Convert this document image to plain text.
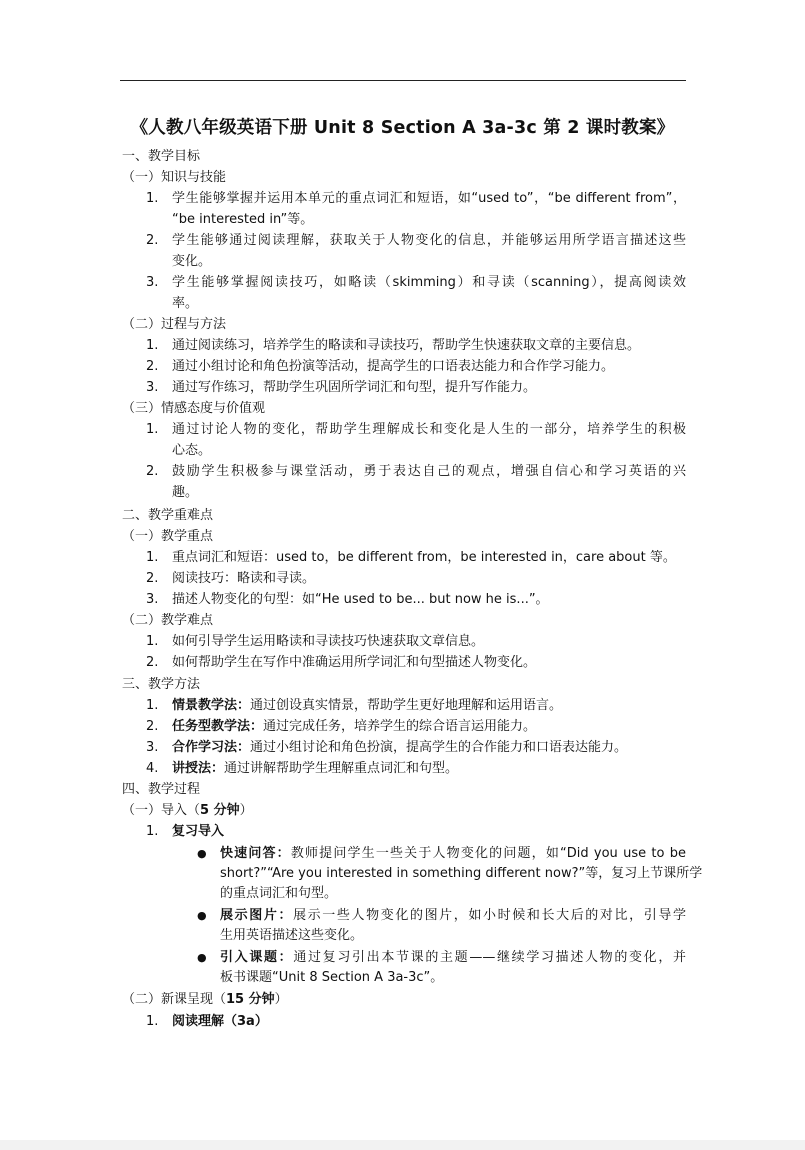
《人教八年级英语下册 Unit 8 Section A 3a-3c 第 2 课时教案》
一、教学目标
（一）知识与技能
1. 学生能够掌握并运用本单元的重点词汇和短语，如“used to”，“be different from”，
“be interested in”等。
2. 学生能够通过阅读理解，获取关于人物变化的信息，并能够运用所学语言描述这些
变化。
3. 学生能够掌握阅读技巧，如略读（skimming）和寻读（scanning），提高阅读效
率。
（二）过程与方法
1. 通过阅读练习，培养学生的略读和寻读技巧，帮助学生快速获取文章的主要信息。
2. 通过小组讨论和角色扮演等活动，提高学生的口语表达能力和合作学习能力。
3. 通过写作练习，帮助学生巩固所学词汇和句型，提升写作能力。
（三）情感态度与价值观
1. 通过讨论人物的变化，帮助学生理解成长和变化是人生的一部分，培养学生的积极
心态。
2. 鼓励学生积极参与课堂活动，勇于表达自己的观点，增强自信心和学习英语的兴
趣。
二、教学重难点
（一）教学重点
1. 重点词汇和短语：used to，be different from，be interested in，care about 等。
2. 阅读技巧：略读和寻读。
3. 描述人物变化的句型：如“He used to be... but now he is...”。
（二）教学难点
1. 如何引导学生运用略读和寻读技巧快速获取文章信息。
2. 如何帮助学生在写作中准确运用所学词汇和句型描述人物变化。
三、教学方法
1. 情景教学法：通过创设真实情景，帮助学生更好地理解和运用语言。
2. 任务型教学法：通过完成任务，培养学生的综合语言运用能力。
3. 合作学习法：通过小组讨论和角色扮演，提高学生的合作能力和口语表达能力。
4. 讲授法：通过讲解帮助学生理解重点词汇和句型。
四、教学过程
（一）导入（5 分钟）
1. 复习导入
● 快速问答：教师提问学生一些关于人物变化的问题，如“Did you use to be
short?”“Are you interested in something different now?”等，复习上节课所学
的重点词汇和句型。
● 展示图片：展示一些人物变化的图片，如小时候和长大后的对比，引导学
生用英语描述这些变化。
● 引入课题：通过复习引出本节课的主题——继续学习描述人物的变化，并
板书课题“Unit 8 Section A 3a-3c”。
（二）新课呈现（15 分钟）
1. 阅读理解（3a）
